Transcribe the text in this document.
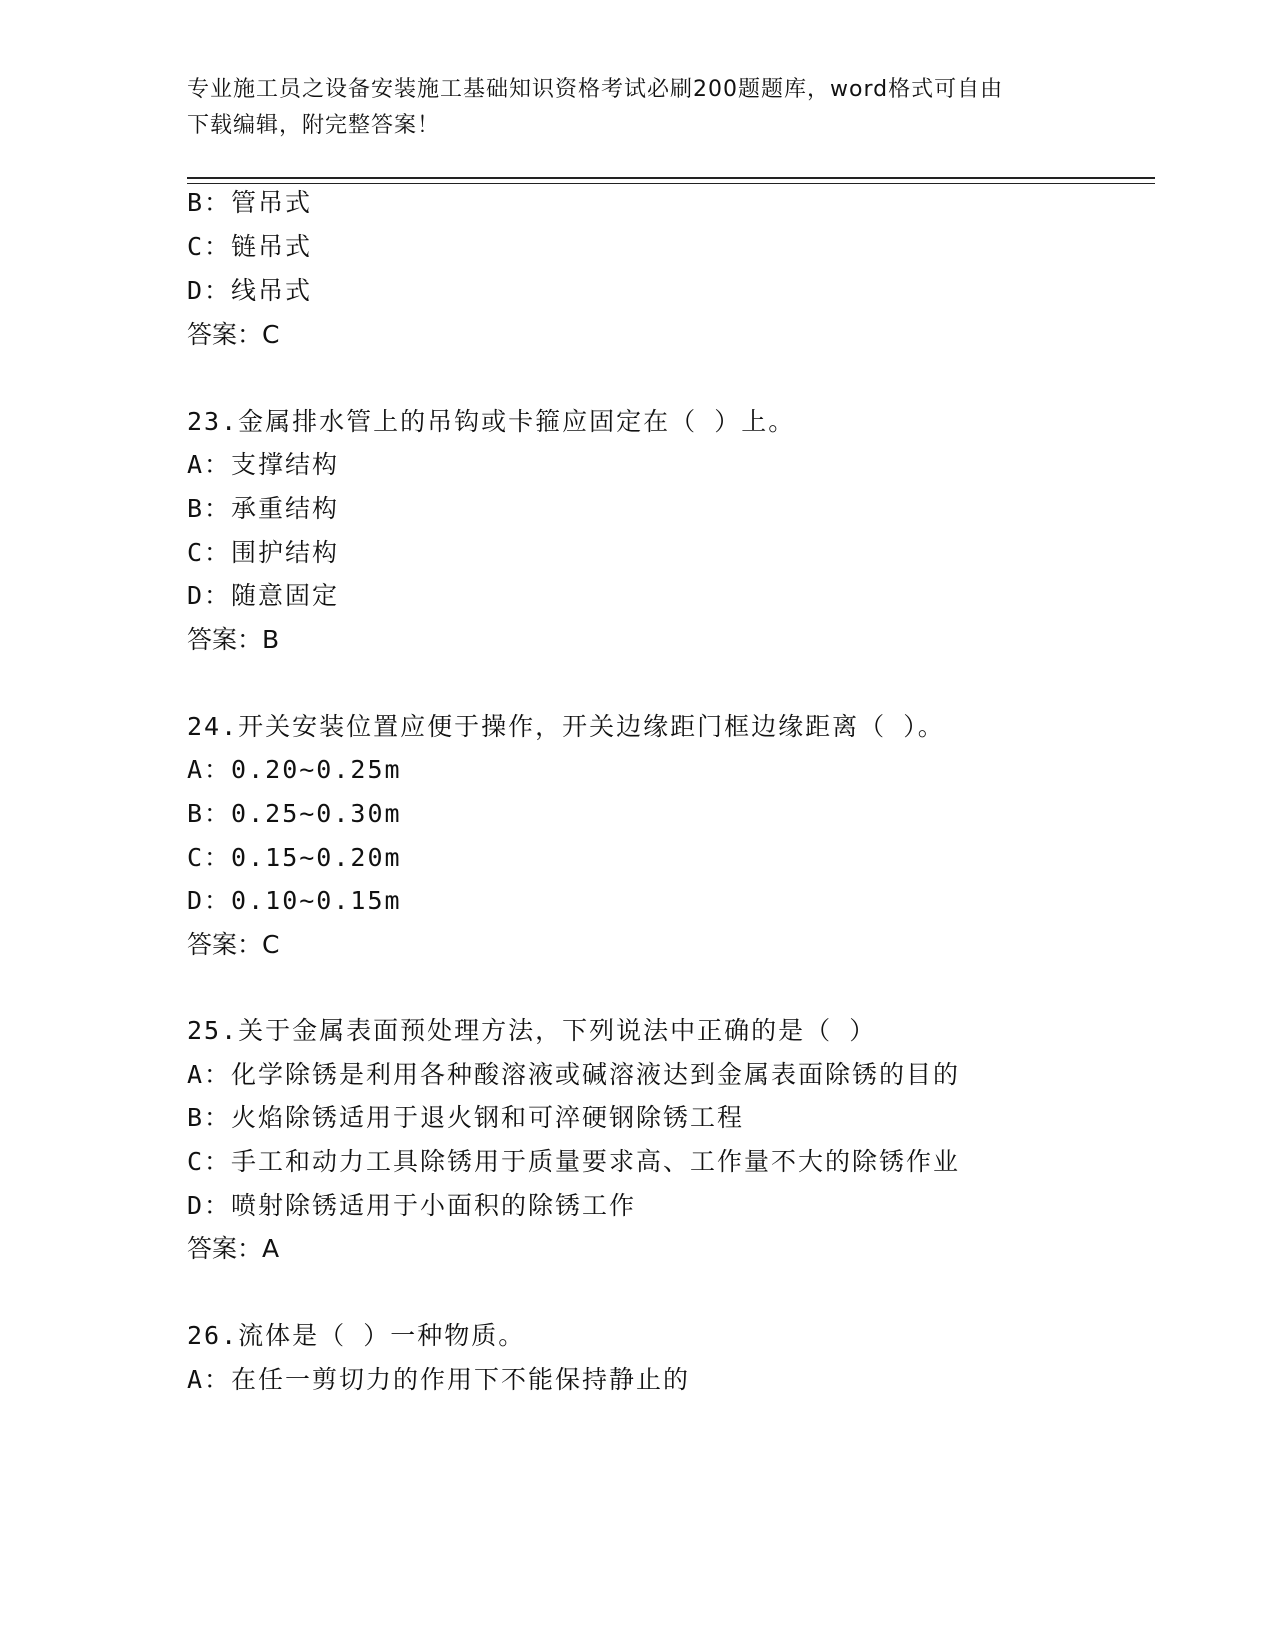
专业施工员之设备安装施工基础知识资格考试必刷200题题库，word格式可自由
下载编辑，附完整答案！
B：管吊式
C：链吊式
D：线吊式
答案：C
23.金属排水管上的吊钩或卡箍应固定在（ ）上。
A：支撑结构
B：承重结构
C：围护结构
D：随意固定
答案：B
24.开关安装位置应便于操作，开关边缘距门框边缘距离（ ）。
A：0.20~0.25m
B：0.25~0.30m
C：0.15~0.20m
D：0.10~0.15m
答案：C
25.关于金属表面预处理方法，下列说法中正确的是（ ）
A：化学除锈是利用各种酸溶液或碱溶液达到金属表面除锈的目的
B：火焰除锈适用于退火钢和可淬硬钢除锈工程
C：手工和动力工具除锈用于质量要求高、工作量不大的除锈作业
D：喷射除锈适用于小面积的除锈工作
答案：A
26.流体是（ ）一种物质。
A：在任一剪切力的作用下不能保持静止的
